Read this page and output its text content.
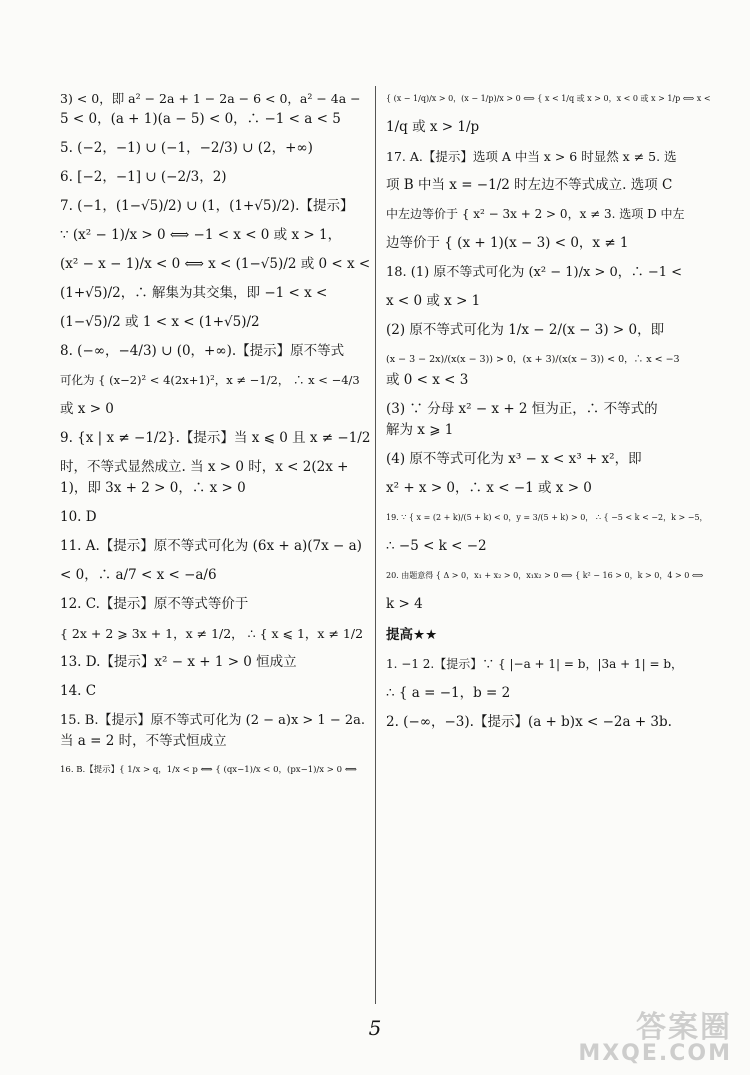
3) < 0，即 a² − 2a + 1 − 2a − 6 < 0，a² − 4a −
5 < 0，(a + 1)(a − 5) < 0，∴ −1 < a < 5
5. (−2，−1) ∪ (−1，−2/3) ∪ (2，+∞)
6. [−2，−1] ∪ (−2/3，2)
7. (−1，(1−√5)/2) ∪ (1，(1+√5)/2).【提示】
∵ (x² − 1)/x > 0 ⟺ −1 < x < 0 或 x > 1，
(x² − x − 1)/x < 0 ⟺ x < (1−√5)/2 或 0 < x <
(1+√5)/2，∴ 解集为其交集，即 −1 < x <
(1−√5)/2 或 1 < x < (1+√5)/2
8. (−∞，−4/3) ∪ (0，+∞).【提示】原不等式
可化为 { (x−2)² < 4(2x+1)²，x ≠ −1/2， ∴ x < −4/3
或 x > 0
9. {x | x ≠ −1/2}.【提示】当 x ⩽ 0 且 x ≠ −1/2
时，不等式显然成立. 当 x > 0 时，x < 2(2x +
1)，即 3x + 2 > 0，∴ x > 0
10. D
11. A.【提示】原不等式可化为 (6x + a)(7x − a)
< 0，∴ a/7 < x < −a/6
12. C.【提示】原不等式等价于
{ 2x + 2 ⩾ 3x + 1，x ≠ 1/2， ∴ { x ⩽ 1，x ≠ 1/2
13. D.【提示】x² − x + 1 > 0 恒成立
14. C
15. B.【提示】原不等式可化为 (2 − a)x > 1 − 2a.
当 a = 2 时，不等式恒成立
16. B.【提示】{ 1/x > q，1/x < p ⟺ { (qx−1)/x < 0，(px−1)/x > 0 ⟺
{ (x − 1/q)/x > 0，(x − 1/p)/x > 0 ⟺ { x < 1/q 或 x > 0，x < 0 或 x > 1/p ⟺ x <
1/q 或 x > 1/p
17. A.【提示】选项 A 中当 x > 6 时显然 x ≠ 5. 选
项 B 中当 x = −1/2 时左边不等式成立. 选项 C
中左边等价于 { x² − 3x + 2 > 0，x ≠ 3. 选项 D 中左
边等价于 { (x + 1)(x − 3) < 0，x ≠ 1
18. (1) 原不等式可化为 (x² − 1)/x > 0，∴ −1 <
x < 0 或 x > 1
(2) 原不等式可化为 1/x − 2/(x − 3) > 0，即
(x − 3 − 2x)/(x(x − 3)) > 0，(x + 3)/(x(x − 3)) < 0，∴ x < −3
或 0 < x < 3
(3) ∵ 分母 x² − x + 2 恒为正，∴ 不等式的
解为 x ⩾ 1
(4) 原不等式可化为 x³ − x < x³ + x²，即
x² + x > 0，∴ x < −1 或 x > 0
19. ∵ { x = (2 + k)/(5 + k) < 0，y = 3/(5 + k) > 0， ∴ { −5 < k < −2，k > −5，
∴ −5 < k < −2
20. 由题意得 { Δ > 0，x₁ + x₂ > 0，x₁x₂ > 0 ⟺ { k² − 16 > 0，k > 0，4 > 0 ⟺
k > 4
提高★★
1. −1 2.【提示】∵ { |−a + 1| = b，|3a + 1| = b，
∴ { a = −1，b = 2
2. (−∞，−3).【提示】(a + b)x < −2a + 3b.
5	答案圈
MXQE.COM
